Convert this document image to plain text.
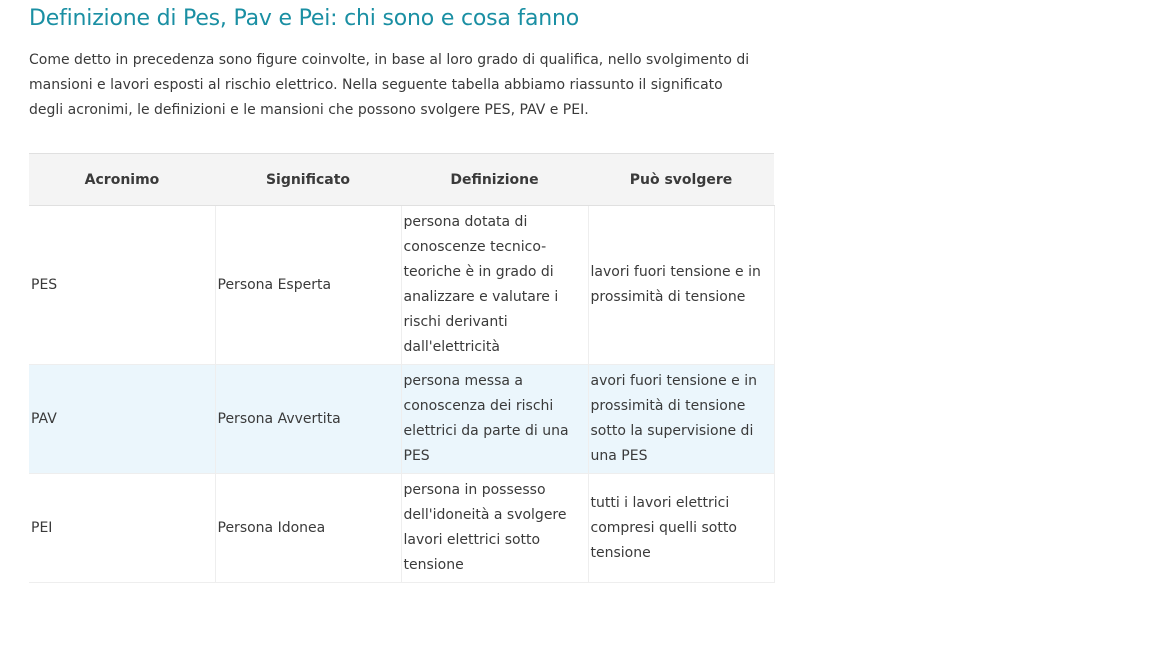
Definizione di Pes, Pav e Pei: chi sono e cosa fanno

Come detto in precedenza sono figure coinvolte, in base al loro grado di qualifica, nello svolgimento di mansioni e lavori esposti al rischio elettrico. Nella seguente tabella abbiamo riassunto il significato degli acronimi, le definizioni e le mansioni che possono svolgere PES, PAV e PEI.

Acronimo	Significato	Definizione	Può svolgere
PES	Persona Esperta	persona dotata di conoscenze tecnico-teoriche è in grado di analizzare e valutare i rischi derivanti dall'elettricità	lavori fuori tensione e in prossimità di tensione
PAV	Persona Avvertita	persona messa a conoscenza dei rischi elettrici da parte di una PES	avori fuori tensione e in prossimità di tensione sotto la supervisione di una PES
PEI	Persona Idonea	persona in possesso dell'idoneità a svolgere lavori elettrici sotto tensione	tutti i lavori elettrici compresi quelli sotto tensione
